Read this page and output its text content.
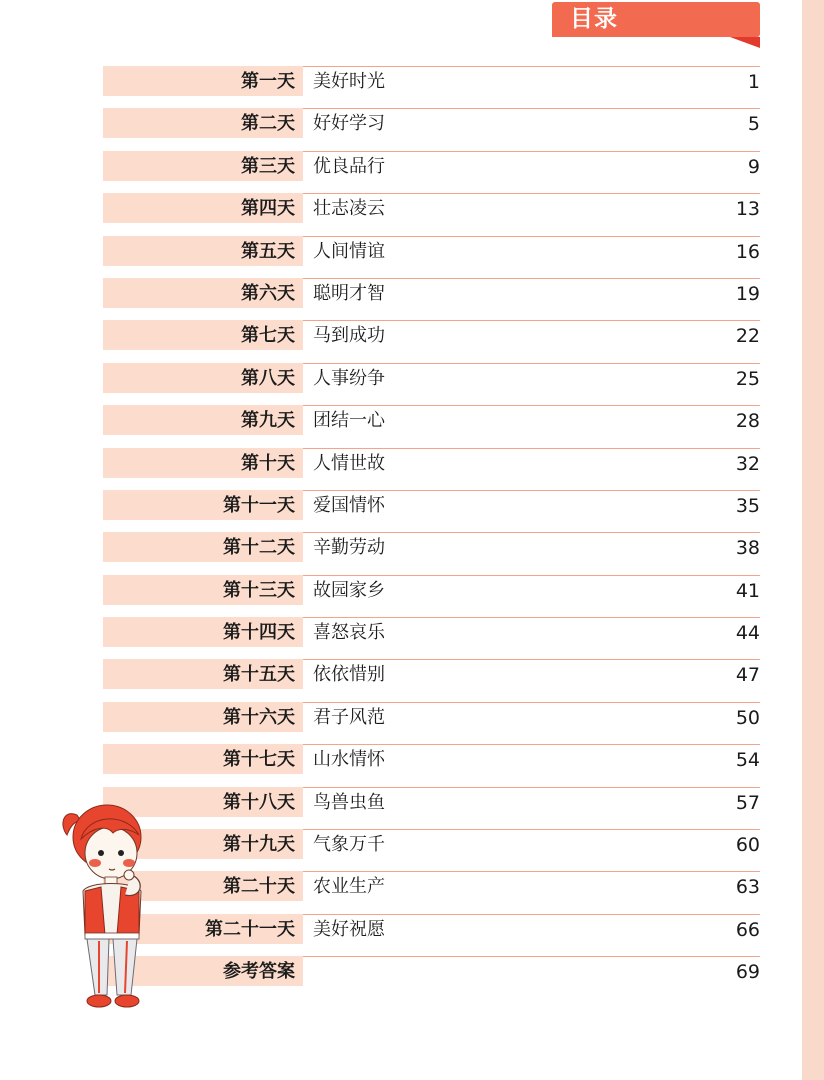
目录
第一天	美好时光	1
第二天	好好学习	5
第三天	优良品行	9
第四天	壮志凌云	13
第五天	人间情谊	16
第六天	聪明才智	19
第七天	马到成功	22
第八天	人事纷争	25
第九天	团结一心	28
第十天	人情世故	32
第十一天	爱国情怀	35
第十二天	辛勤劳动	38
第十三天	故园家乡	41
第十四天	喜怒哀乐	44
第十五天	依依惜别	47
第十六天	君子风范	50
第十七天	山水情怀	54
第十八天	鸟兽虫鱼	57
第十九天	气象万千	60
第二十天	农业生产	63
第二十一天	美好祝愿	66
参考答案	69
